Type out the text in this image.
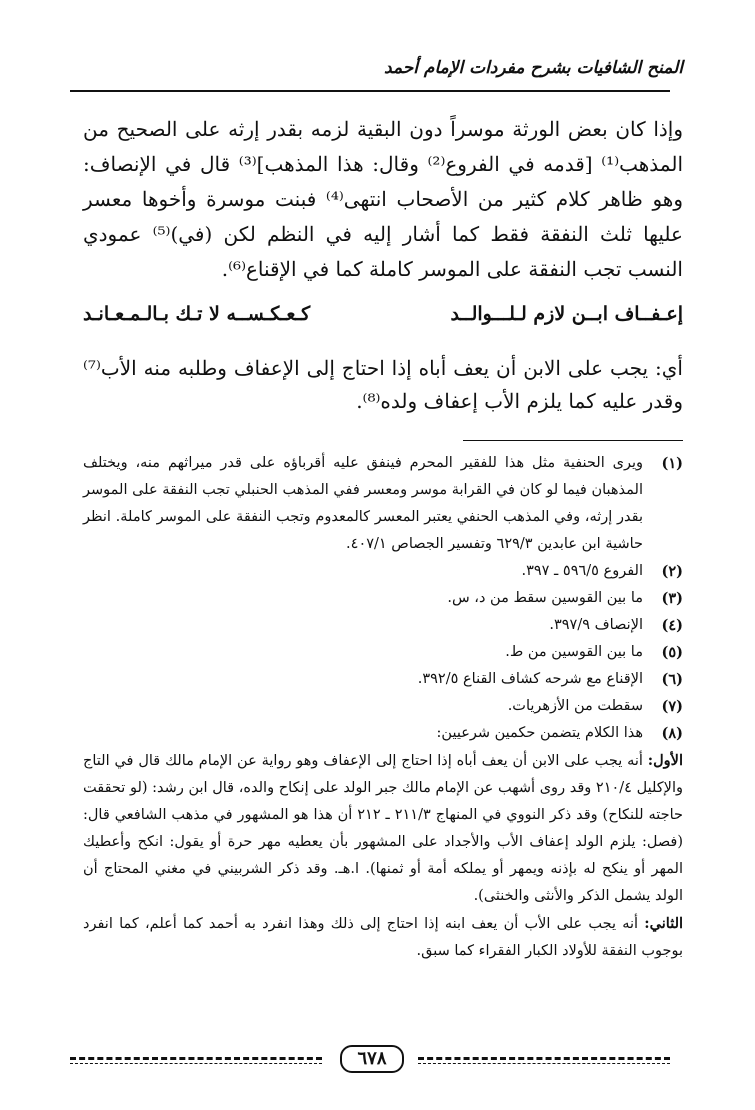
المنح الشافيات بشرح مفردات الإمام أحمد

وإذا كان بعض الورثة موسراً دون البقية لزمه بقدر إرثه على الصحيح من المذهب⁽¹⁾ [قدمه في الفروع⁽²⁾ وقال: هذا المذهب]⁽³⁾ قال في الإنصاف: وهو ظاهر كلام كثير من الأصحاب انتهى⁽⁴⁾ فبنت موسرة وأخوها معسر عليها ثلث النفقة فقط كما أشار إليه في النظم لكن (في)⁽⁵⁾ عمودي النسب تجب النفقة على الموسر كاملة كما في الإقناع⁽⁶⁾.

إعـفــاف ابــن لازم لـلـــوالــد
كـعـكـســه لا تـك بـالـمـعـانـد

أي: يجب على الابن أن يعف أباه إذا احتاج إلى الإعفاف وطلبه منه الأب⁽⁷⁾ وقدر عليه كما يلزم الأب إعفاف ولده⁽⁸⁾.

(١)
ويرى الحنفية مثل هذا للفقير المحرم فينفق عليه أقرباؤه على قدر ميراثهم منه، ويختلف المذهبان فيما لو كان في القرابة موسر ومعسر ففي المذهب الحنبلي تجب النفقة على الموسر بقدر إرثه، وفي المذهب الحنفي يعتبر المعسر كالمعدوم وتجب النفقة على الموسر كاملة. انظر حاشية ابن عابدين ٦٢٩/٣ وتفسير الجصاص ٤٠٧/١.
(٢)
الفروع ٥٩٦/٥ ـ ٣٩٧.
(٣)
ما بين القوسين سقط من د، س.
(٤)
الإنصاف ٣٩٧/٩.
(٥)
ما بين القوسين من ط.
(٦)
الإقناع مع شرحه كشاف القناع ٣٩٢/٥.
(٧)
سقطت من الأزهريات.
(٨)
هذا الكلام يتضمن حكمين شرعيين:

الأول: أنه يجب على الابن أن يعف أباه إذا احتاج إلى الإعفاف وهو رواية عن الإمام مالك قال في التاج والإكليل ٢١٠/٤ وقد روى أشهب عن الإمام مالك جبر الولد على إنكاح والده، قال ابن رشد: (لو تحققت حاجته للنكاح) وقد ذكر النووي في المنهاج ٢١١/٣ ـ ٢١٢ أن هذا هو المشهور في مذهب الشافعي قال: (فصل: يلزم الولد إعفاف الأب والأجداد على المشهور بأن يعطيه مهر حرة أو يقول: انكح وأعطيك المهر أو ينكح له بإذنه ويمهر أو يملكه أمة أو ثمنها). ا.هـ. وقد ذكر الشربيني في مغني المحتاج أن الولد يشمل الذكر والأنثى والخنثى).

الثاني: أنه يجب على الأب أن يعف ابنه إذا احتاج إلى ذلك وهذا انفرد به أحمد كما أعلم، كما انفرد بوجوب النفقة للأولاد الكبار الفقراء كما سبق.

٦٧٨
